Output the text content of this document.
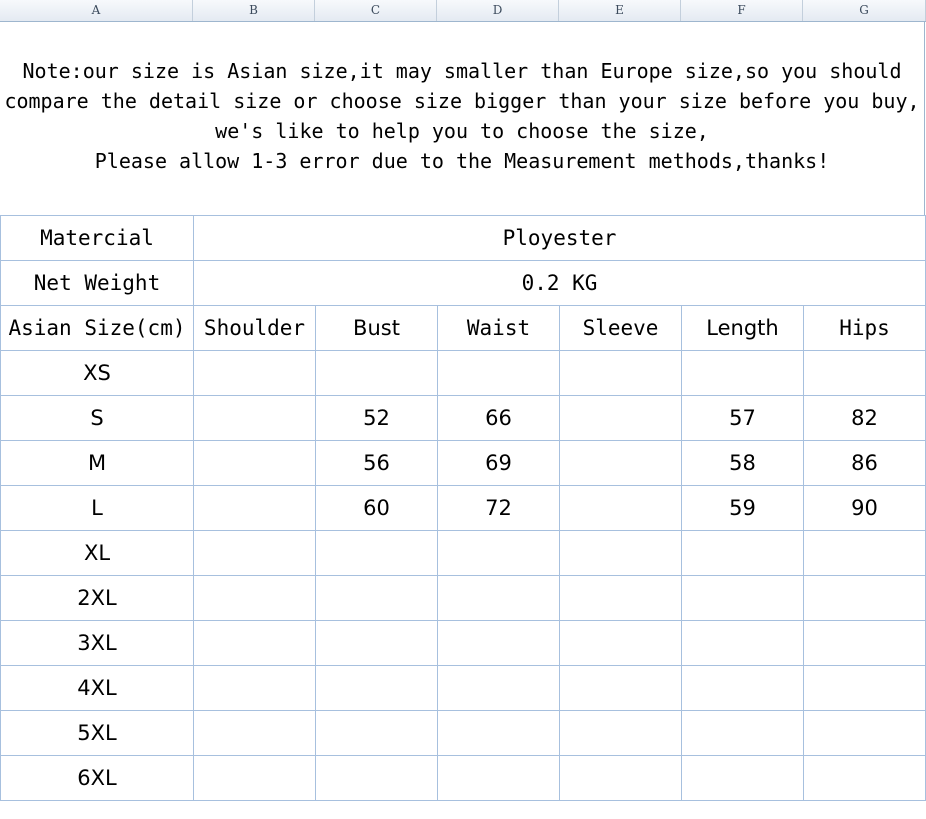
A	B	C	D	E	F	G
Note:our size is Asian size,it may smaller than Europe size,so you should
compare the detail size or choose size bigger than your size before you buy,
we's like to help you to choose the size,
Please allow 1-3 error due to the Measurement methods,thanks!
Matercial	Ployester					
Net Weight	0.2 KG					
Asian Size(cm)	Shoulder	Bust	Waist	Sleeve	Length	Hips
XS						
S		52	66		57	82
M		56	69		58	86
L		60	72		59	90
XL						
2XL						
3XL						
4XL						
5XL						
6XL						
